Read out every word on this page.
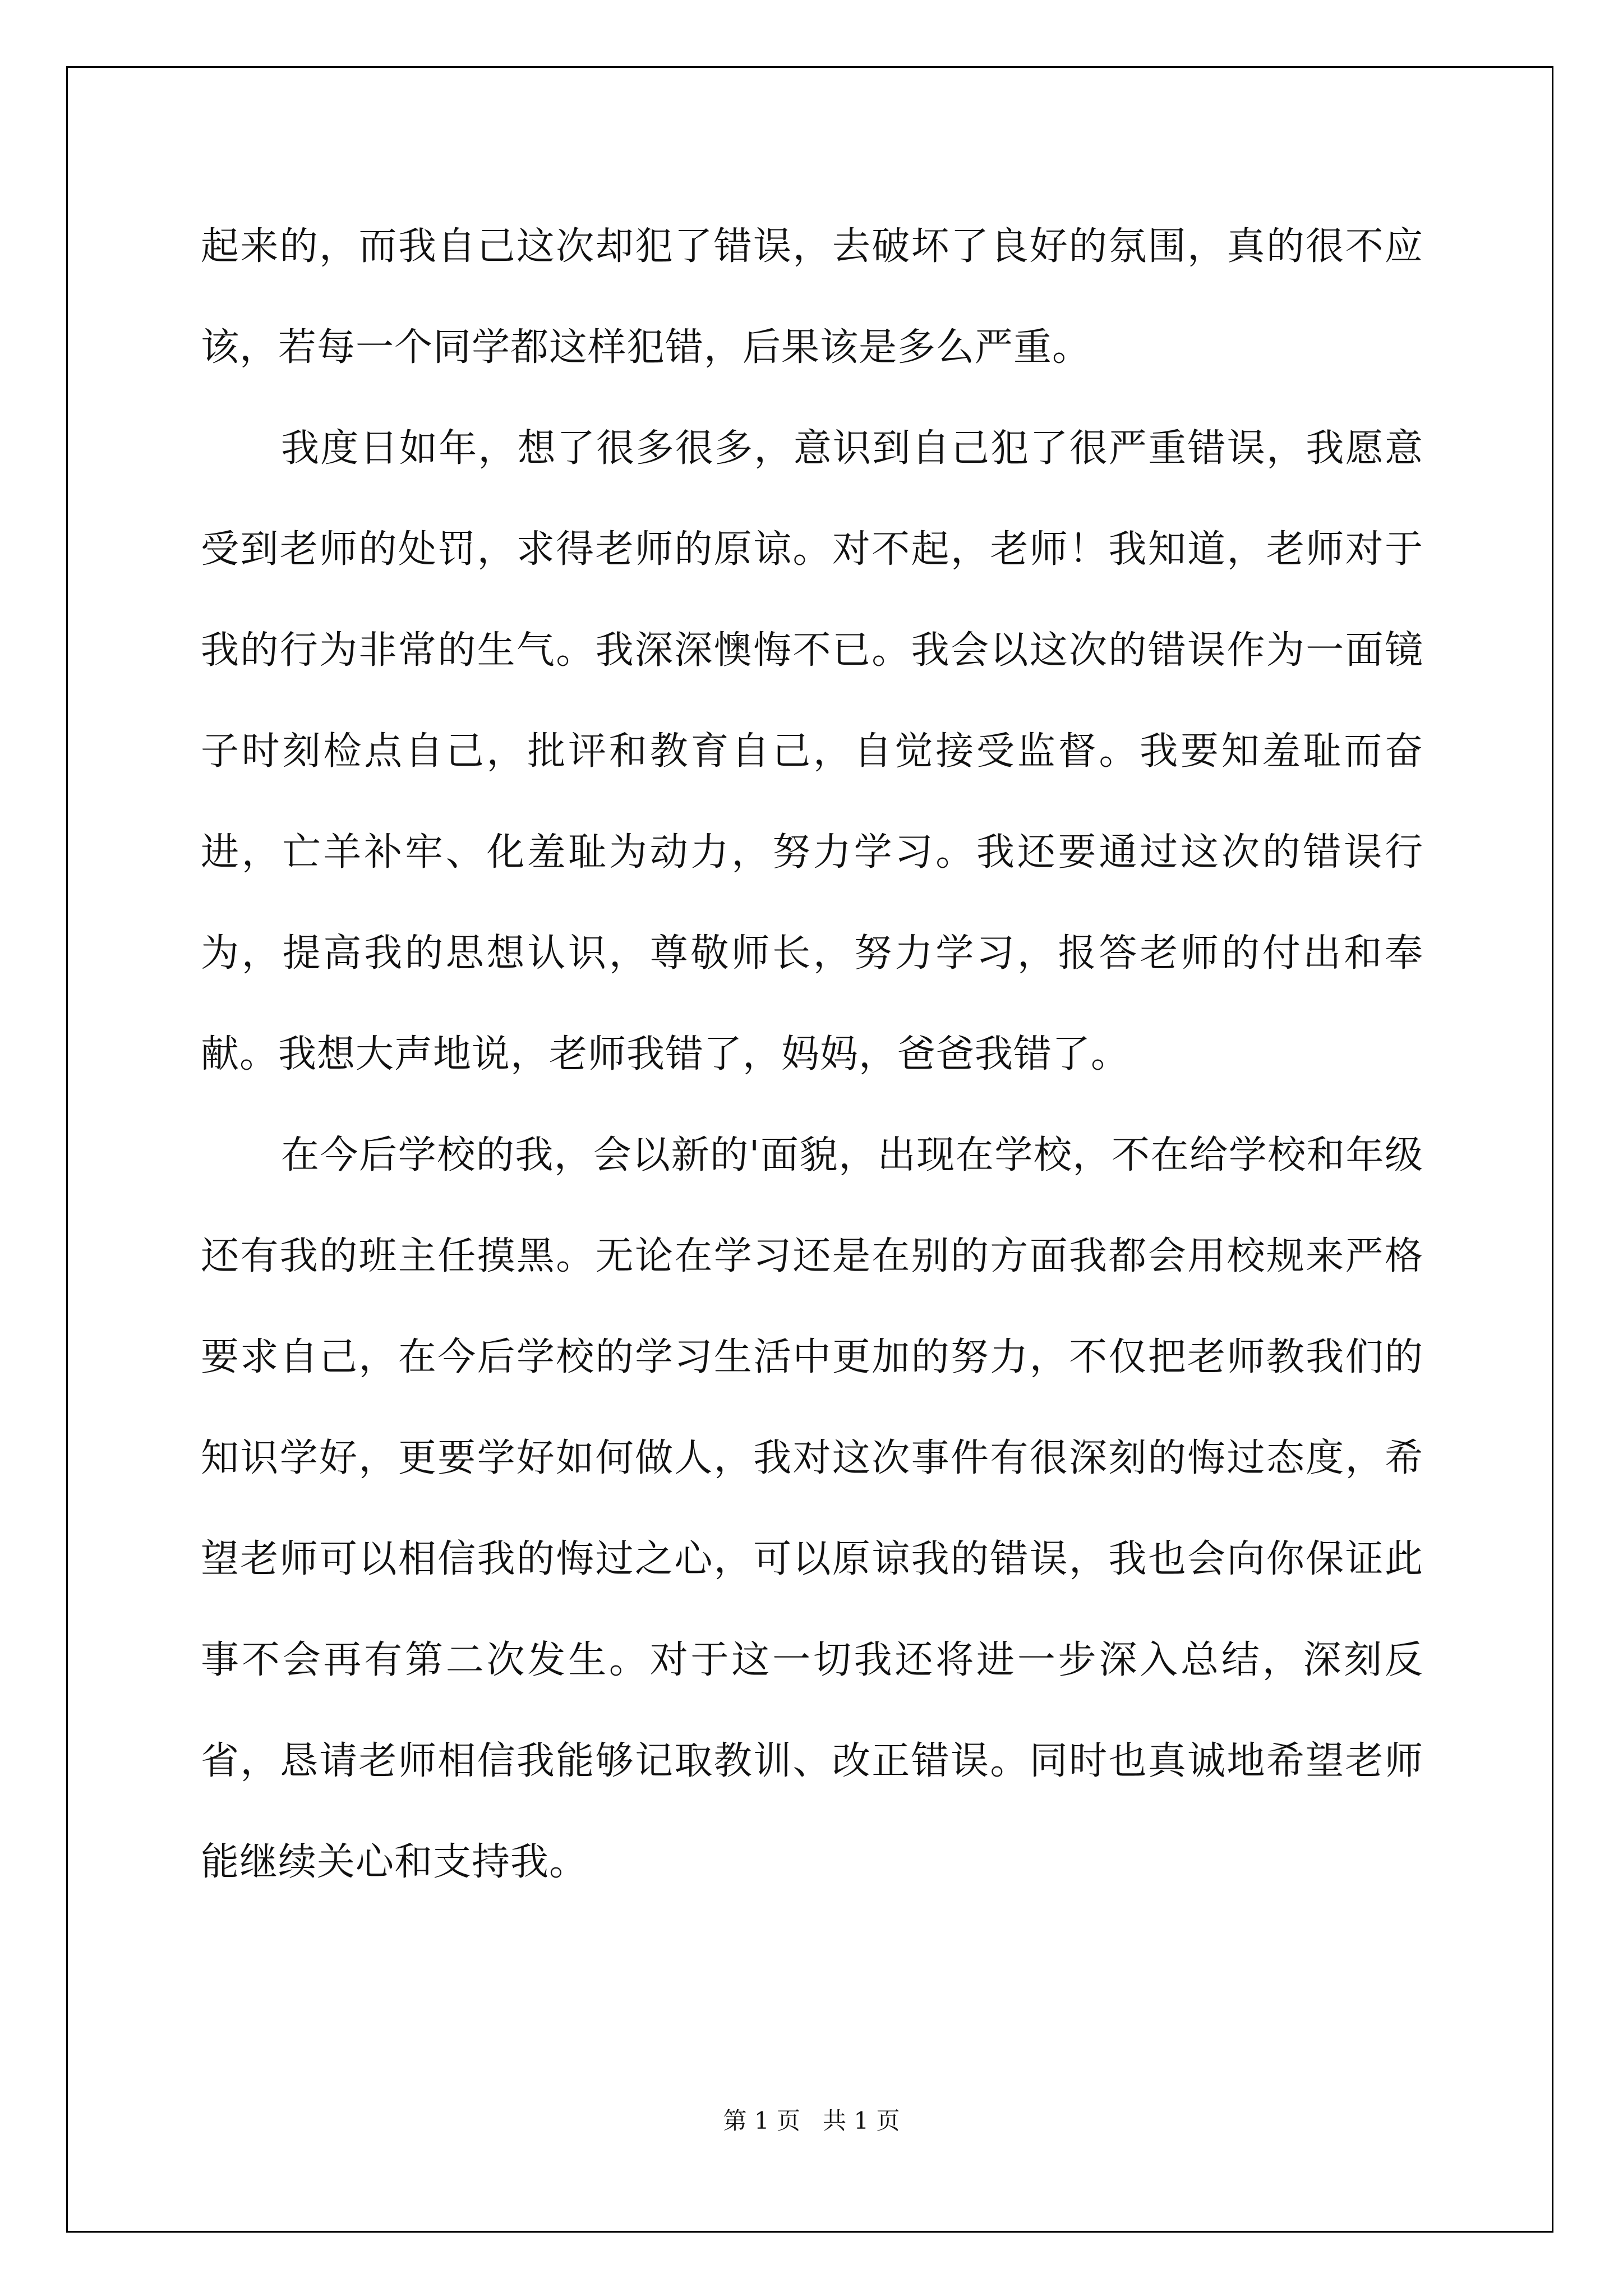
起来的，而我自己这次却犯了错误，去破坏了良好的氛围，真的很不应该，若每一个同学都这样犯错，后果该是多么严重。

我度日如年，想了很多很多，意识到自己犯了很严重错误，我愿意受到老师的处罚，求得老师的原谅。对不起，老师！我知道，老师对于我的行为非常的生气。我深深懊悔不已。我会以这次的错误作为一面镜子时刻检点自己，批评和教育自己，自觉接受监督。我要知羞耻而奋进，亡羊补牢、化羞耻为动力，努力学习。我还要通过这次的错误行为，提高我的思想认识，尊敬师长，努力学习，报答老师的付出和奉献。我想大声地说，老师我错了，妈妈，爸爸我错了。

在今后学校的我，会以新的'面貌，出现在学校，不在给学校和年级还有我的班主任摸黑。无论在学习还是在别的方面我都会用校规来严格要求自己，在今后学校的学习生活中更加的努力，不仅把老师教我们的知识学好，更要学好如何做人，我对这次事件有很深刻的悔过态度，希望老师可以相信我的悔过之心，可以原谅我的错误，我也会向你保证此事不会再有第二次发生。对于这一切我还将进一步深入总结，深刻反省，恳请老师相信我能够记取教训、改正错误。同时也真诚地希望老师能继续关心和支持我。

第 1 页   共 1 页
